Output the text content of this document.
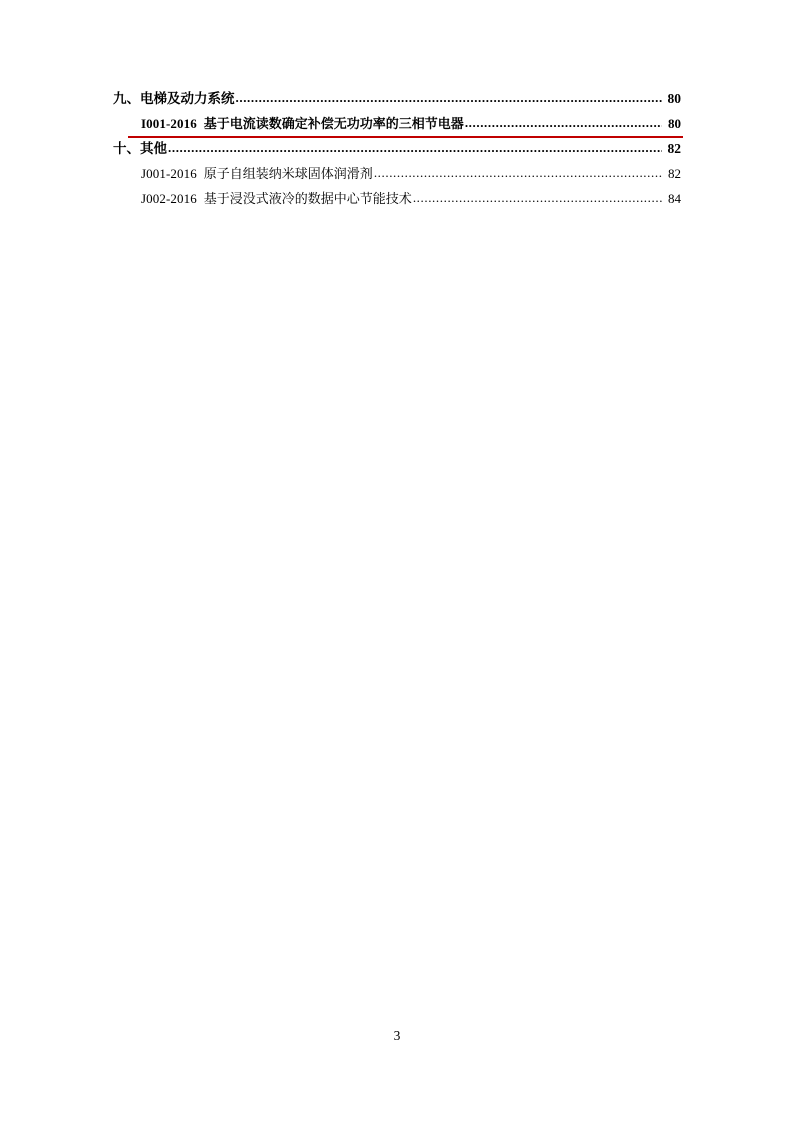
九、电梯及动力系统 .....	80
I001-2016 基于电流读数确定补偿无功功率的三相节电器 .....	80
十、其他 .....	82
J001-2016 原子自组装纳米球固体润滑剂 .....	82
J002-2016 基于浸没式液冷的数据中心节能技术 .....	84
3
